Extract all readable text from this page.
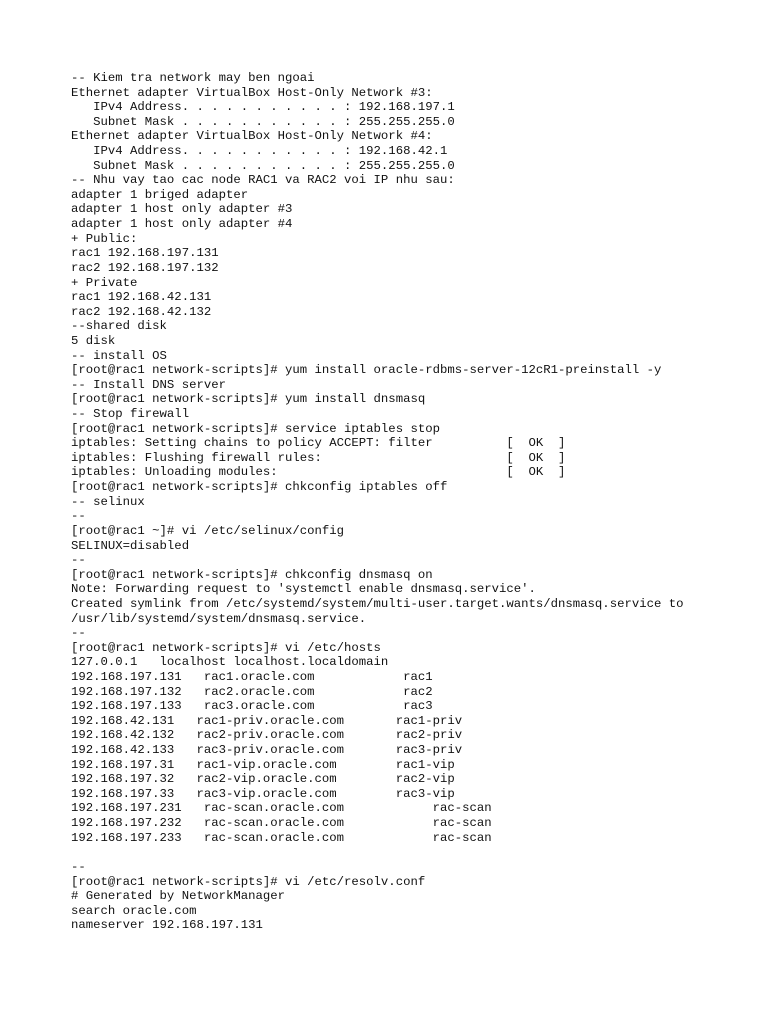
-- Kiem tra network may ben ngoai
Ethernet adapter VirtualBox Host-Only Network #3:
IPv4 Address. . . . . . . . . . . : 192.168.197.1
Subnet Mask . . . . . . . . . . . : 255.255.255.0
Ethernet adapter VirtualBox Host-Only Network #4:
IPv4 Address. . . . . . . . . . . : 192.168.42.1
Subnet Mask . . . . . . . . . . . : 255.255.255.0
-- Nhu vay tao cac node RAC1 va RAC2 voi IP nhu sau:
adapter 1 briged adapter
adapter 1 host only adapter #3
adapter 1 host only adapter #4
+ Public:
rac1 192.168.197.131
rac2 192.168.197.132
+ Private
rac1 192.168.42.131
rac2 192.168.42.132
--shared disk
5 disk
-- install OS
[root@rac1 network-scripts]# yum install oracle-rdbms-server-12cR1-preinstall -y
-- Install DNS server
[root@rac1 network-scripts]# yum install dnsmasq
-- Stop firewall
[root@rac1 network-scripts]# service iptables stop
iptables: Setting chains to policy ACCEPT: filter          [  OK  ]
iptables: Flushing firewall rules:                         [  OK  ]
iptables: Unloading modules:                               [  OK  ]
[root@rac1 network-scripts]# chkconfig iptables off
-- selinux
--
[root@rac1 ~]# vi /etc/selinux/config
SELINUX=disabled
--
[root@rac1 network-scripts]# chkconfig dnsmasq on
Note: Forwarding request to 'systemctl enable dnsmasq.service'.
Created symlink from /etc/systemd/system/multi-user.target.wants/dnsmasq.service to
/usr/lib/systemd/system/dnsmasq.service.
--
[root@rac1 network-scripts]# vi /etc/hosts
127.0.0.1   localhost localhost.localdomain
192.168.197.131   rac1.oracle.com            rac1
192.168.197.132   rac2.oracle.com            rac2
192.168.197.133   rac3.oracle.com            rac3
192.168.42.131   rac1-priv.oracle.com       rac1-priv
192.168.42.132   rac2-priv.oracle.com       rac2-priv
192.168.42.133   rac3-priv.oracle.com       rac3-priv
192.168.197.31   rac1-vip.oracle.com        rac1-vip
192.168.197.32   rac2-vip.oracle.com        rac2-vip
192.168.197.33   rac3-vip.oracle.com        rac3-vip
192.168.197.231   rac-scan.oracle.com            rac-scan
192.168.197.232   rac-scan.oracle.com            rac-scan
192.168.197.233   rac-scan.oracle.com            rac-scan
--
[root@rac1 network-scripts]# vi /etc/resolv.conf
# Generated by NetworkManager
search oracle.com
nameserver 192.168.197.131
